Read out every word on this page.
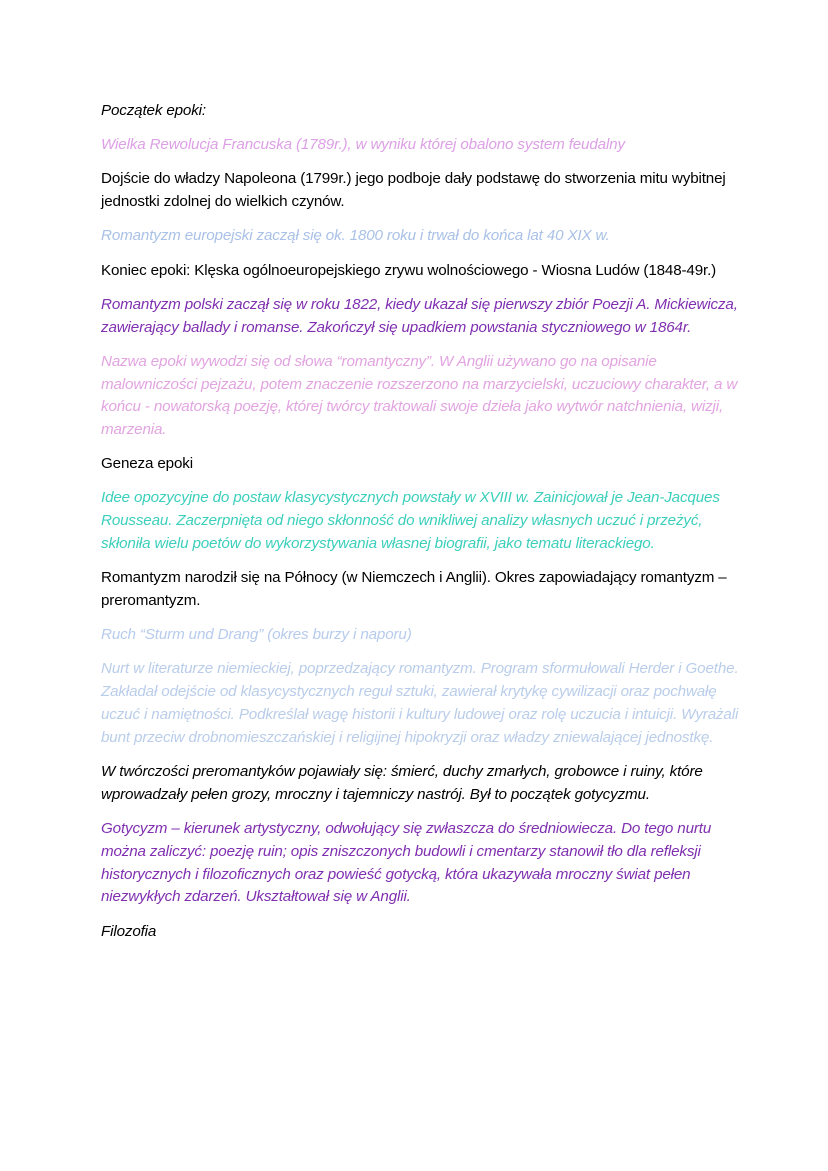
Początek epoki:

Wielka Rewolucja Francuska (1789r.), w wyniku której obalono system feudalny

Dojście do władzy Napoleona (1799r.) jego podboje dały podstawę do stworzenia mitu wybitnej jednostki zdolnej do wielkich czynów.

Romantyzm europejski zaczął się ok. 1800 roku i trwał do końca lat 40 XIX w.

Koniec epoki: Klęska ogólnoeuropejskiego zrywu wolnościowego - Wiosna Ludów (1848-49r.)

Romantyzm polski zaczął się w roku 1822, kiedy ukazał się pierwszy zbiór Poezji A. Mickiewicza, zawierający ballady i romanse. Zakończył się upadkiem powstania styczniowego w 1864r.

Nazwa epoki wywodzi się od słowa “romantyczny”. W Anglii używano go na opisanie malowniczości pejzażu, potem znaczenie rozszerzono na marzycielski, uczuciowy charakter, a w końcu - nowatorską poezję, której twórcy traktowali swoje dzieła jako wytwór natchnienia, wizji, marzenia.

Geneza epoki

Idee opozycyjne do postaw klasycystycznych powstały w XVIII w. Zainicjował je Jean-Jacques Rousseau. Zaczerpnięta od niego skłonność do wnikliwej analizy własnych uczuć i przeżyć, skłoniła wielu poetów do wykorzystywania własnej biografii, jako tematu literackiego.

Romantyzm narodził się na Północy (w Niemczech i Anglii). Okres zapowiadający romantyzm – preromantyzm.

Ruch “Sturm und Drang” (okres burzy i naporu)

Nurt w literaturze niemieckiej, poprzedzający romantyzm. Program sformułowali Herder i Goethe. Zakładał odejście od klasycystycznych reguł sztuki, zawierał krytykę cywilizacji oraz pochwałę uczuć i namiętności. Podkreślał wagę historii i kultury ludowej oraz rolę uczucia i intuicji. Wyrażali bunt przeciw drobnomieszczańskiej i religijnej hipokryzji oraz władzy zniewalającej jednostkę.

W twórczości preromantyków pojawiały się: śmierć, duchy zmarłych, grobowce i ruiny, które wprowadzały pełen grozy, mroczny i tajemniczy nastrój. Był to początek gotycyzmu.

Gotycyzm – kierunek artystyczny, odwołujący się zwłaszcza do średniowiecza. Do tego nurtu można zaliczyć: poezję ruin; opis zniszczonych budowli i cmentarzy stanowił tło dla refleksji historycznych i filozoficznych oraz powieść gotycką, która ukazywała mroczny świat pełen niezwykłych zdarzeń. Ukształtował się w Anglii.

Filozofia
